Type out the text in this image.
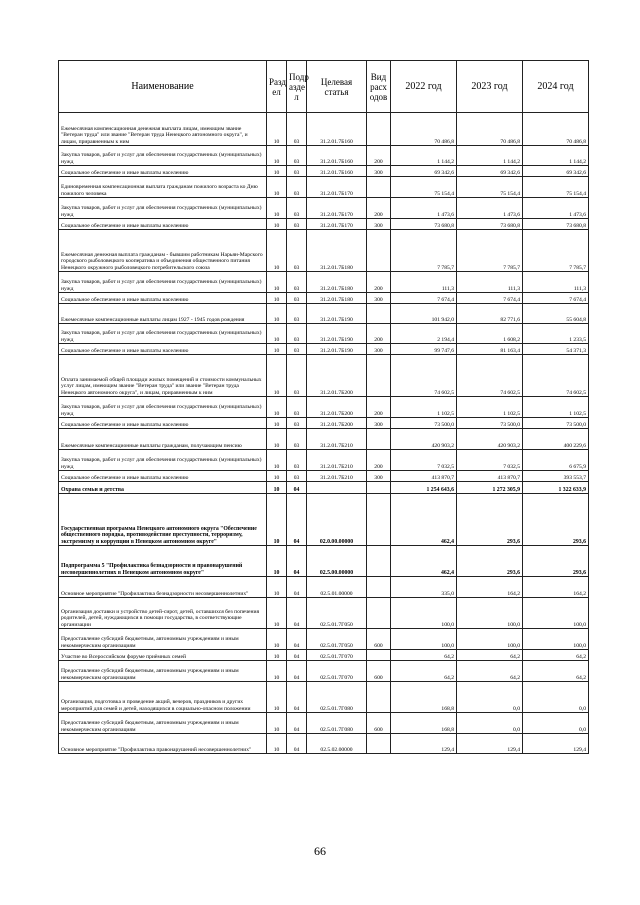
Наименование	Разд ел	Подр азде л	Целевая статья	Вид расх одов	2022 год	2023 год	2024 год
Ежемесячная компенсационная денежная выплата лицам, имеющим звание "Ветеран труда" или звание "Ветеран труда Ненецкого автономного округа", и лицам, приравненным к ним	10	03	31.2.01.7Б160		70 486,8	70 486,8	70 486,8
Закупка товаров, работ и услуг для обеспечения государственных (муниципальных) нужд	10	03	31.2.01.7Б160	200	1 144,2	1 144,2	1 144,2
Социальное обеспечение и иные выплаты населению	10	03	31.2.01.7Б160	300	69 342,6	69 342,6	69 342,6
Единовременная компенсационная выплата гражданам пожилого возраста ко Дню пожилого человека	10	03	31.2.01.7Б170		75 154,4	75 154,4	75 154,4
Закупка товаров, работ и услуг для обеспечения государственных (муниципальных) нужд	10	03	31.2.01.7Б170	200	1 473,6	1 473,6	1 473,6
Социальное обеспечение и иные выплаты населению	10	03	31.2.01.7Б170	300	73 680,8	73 680,8	73 680,8
Ежемесячная денежная выплата гражданам - бывшим работникам Нарьян-Марского городского рыболовецкого кооператива и объединения общественного питания Ненецкого окружного рыболовецкого потребительского союза	10	03	31.2.01.7Б180		7 785,7	7 785,7	7 785,7
Закупка товаров, работ и услуг для обеспечения государственных (муниципальных) нужд	10	03	31.2.01.7Б180	200	111,3	111,3	111,3
Социальное обеспечение и иные выплаты населению	10	03	31.2.01.7Б180	300	7 674,4	7 674,4	7 674,4
Ежемесячные компенсационные выплаты лицам 1927 - 1945 годов рождения	10	03	31.2.01.7Б190		101 942,0	82 771,6	55 604,8
Закупка товаров, работ и услуг для обеспечения государственных (муниципальных) нужд	10	03	31.2.01.7Б190	200	2 194,4	1 608,2	1 233,5
Социальное обеспечение и иные выплаты населению	10	03	31.2.01.7Б190	300	99 747,6	81 163,4	54 371,3
Оплата занимаемой общей площади жилых помещений и стоимости коммунальных услуг лицам, имеющим звание "Ветеран труда" или звание "Ветеран труда Ненецкого автономного округа", и лицам, приравненным к ним	10	03	31.2.01.7Б200		74 602,5	74 602,5	74 602,5
Закупка товаров, работ и услуг для обеспечения государственных (муниципальных) нужд	10	03	31.2.01.7Б200	200	1 102,5	1 102,5	1 102,5
Социальное обеспечение и иные выплаты населению	10	03	31.2.01.7Б200	300	73 500,0	73 500,0	73 500,0
Ежемесячные компенсационные выплаты гражданам, получающим пенсию	10	03	31.2.01.7Б210		420 903,2	420 903,2	400 229,6
Закупка товаров, работ и услуг для обеспечения государственных (муниципальных) нужд	10	03	31.2.01.7Б210	200	7 032,5	7 032,5	6 675,9
Социальное обеспечение и иные выплаты населению	10	03	31.2.01.7Б210	300	413 870,7	413 870,7	393 553,7
Охрана семьи и детства	10	04			1 254 643,6	1 272 305,9	1 322 633,9
Государственная программа Ненецкого автономного округа "Обеспечение общественного порядка, противодействие преступности, терроризму, экстремизму и коррупции в Ненецком автономном округе"	10	04	02.0.00.00000		462,4	293,6	293,6
Подпрограмма 5 "Профилактика безнадзорности и правонарушений несовершеннолетних в Ненецком автономном округе"	10	04	02.5.00.00000		462,4	293,6	293,6
Основное мероприятие "Профилактика безнадзорности несовершеннолетних"	10	04	02.5.01.00000		335,0	164,2	164,2
Организация доставки и устройство детей-сирот, детей, оставшихся без попечения родителей, детей, нуждающихся в помощи государства, в соответствующие организации	10	04	02.5.01.7Г050		100,0	100,0	100,0
Предоставление субсидий бюджетным, автономным учреждениям и иным некоммерческим организациям	10	04	02.5.01.7Г050	600	100,0	100,0	100,0
Участие во Всероссийском форуме приёмных семей	10	04	02.5.01.7Г070		64,2	64,2	64,2
Предоставление субсидий бюджетным, автономным учреждениям и иным некоммерческим организациям	10	04	02.5.01.7Г070	600	64,2	64,2	64,2
Организация, подготовка и проведение акций, вечеров, праздников и других мероприятий для семей и детей, находящихся в социально-опасном положении	10	04	02.5.01.7Г080		168,8	0,0	0,0
Предоставление субсидий бюджетным, автономным учреждениям и иным некоммерческим организациям	10	04	02.5.01.7Г080	600	168,8	0,0	0,0
Основное мероприятие "Профилактика правонарушений несовершеннолетних"	10	04	02.5.02.00000		129,4	129,4	129,4
66
